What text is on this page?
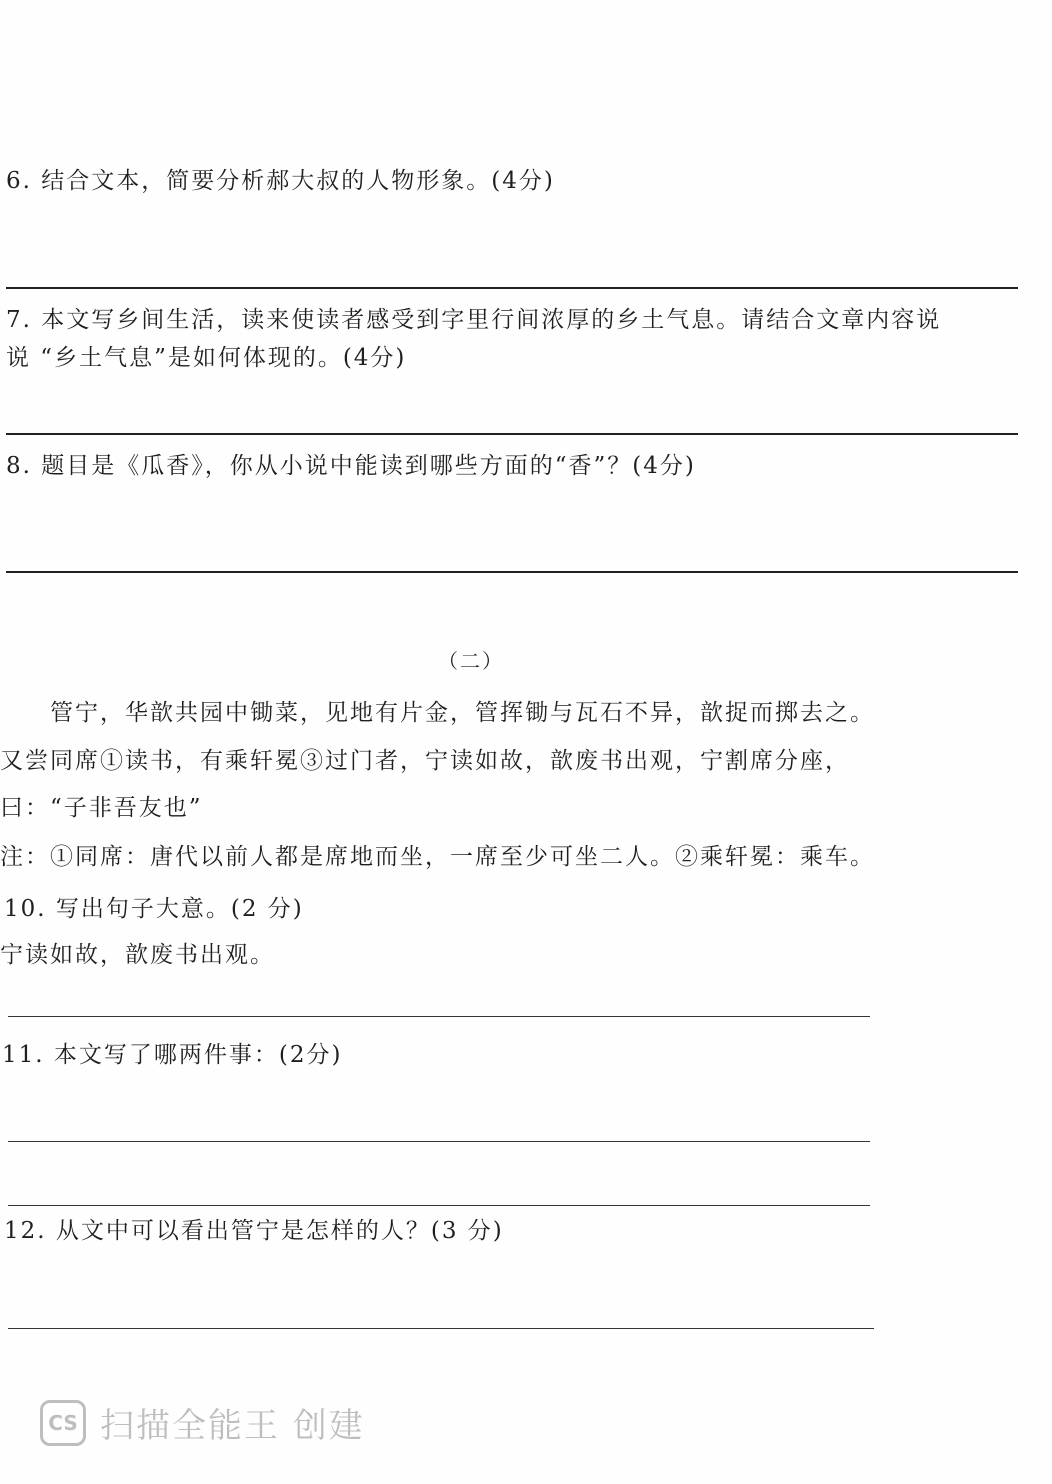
6. 结合文本，简要分析郝大叔的人物形象。(4分)
7. 本文写乡间生活，读来使读者感受到字里行间浓厚的乡土气息。请结合文章内容说
说 “乡土气息”是如何体现的。(4分)
8. 题目是《瓜香》，你从小说中能读到哪些方面的“香”？(4分)
（二）
管宁，华歆共园中锄菜，见地有片金，管挥锄与瓦石不异，歆捉而掷去之。
又尝同席①读书，有乘轩冕③过门者，宁读如故，歆废书出观，宁割席分座，
曰：“子非吾友也”
注：①同席：唐代以前人都是席地而坐，一席至少可坐二人。②乘轩冕：乘车。
10. 写出句子大意。(2 分)
宁读如故，歆废书出观。
11. 本文写了哪两件事：(2分)
12. 从文中可以看出管宁是怎样的人？(3 分)
CS 扫描全能王 创建
